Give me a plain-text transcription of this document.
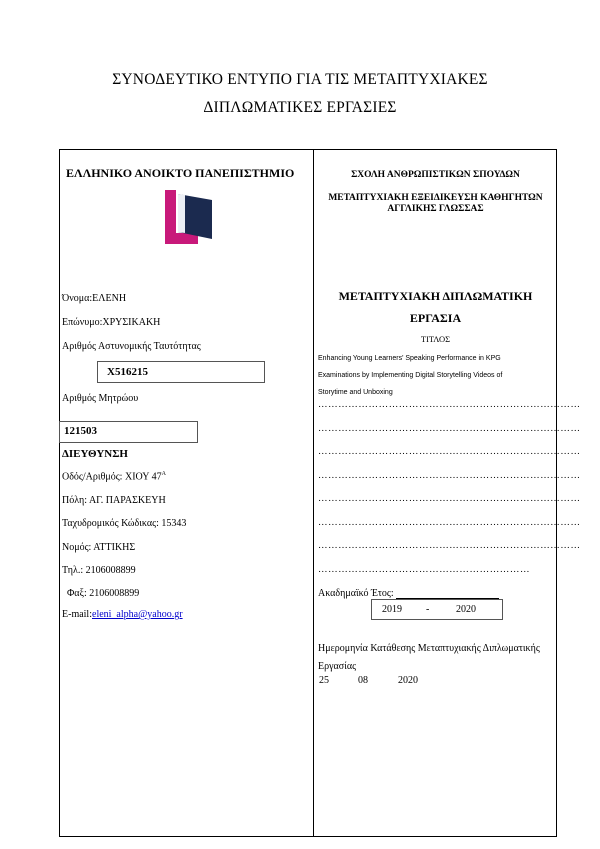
ΣΥΝΟΔΕΥΤΙΚΟ ΕΝΤΥΠΟ ΓΙΑ ΤΙΣ ΜΕΤΑΠΤΥΧΙΑΚΕΣ
ΔΙΠΛΩΜΑΤΙΚΕΣ ΕΡΓΑΣΙΕΣ
ΕΛΛΗΝΙΚΟ ΑΝΟΙΚΤΟ ΠΑΝΕΠΙΣΤΗΜΙΟ
Όνομα:ΕΛΕΝΗ
Επώνυμο:ΧΡΥΣΙΚΑΚΗ
Αριθμός Αστυνομικής Ταυτότητας
Χ516215
Αριθμός Μητρώου
121503
ΔΙΕΥΘΥΝΣΗ
Οδός/Αριθμός: ΧΙΟΥ $47^A$
Πόλη: ΑΓ. ΠΑΡΑΣΚΕΥΗ
Ταχυδρομικός Κώδικας: 15343
Νομός: ΑΤΤΙΚΗΣ
Τηλ.: 2106008899
Φαξ: 2106008899
E-mail:eleni_alpha@yahoo.gr
ΣΧΟΛΗ ΑΝΘΡΩΠΙΣΤΙΚΩΝ ΣΠΟΥΔΩΝ
ΜΕΤΑΠΤΥΧΙΑΚΗ ΕΞΕΙΔΙΚΕΥΣΗ ΚΑΘΗΓΗΤΩΝ
ΑΓΓΛΙΚΗΣ ΓΛΩΣΣΑΣ
ΜΕΤΑΠΤΥΧΙΑΚΗ ΔΙΠΛΩΜΑΤΙΚΗ
ΕΡΓΑΣΙΑ
ΤΙΤΛΟΣ
Enhancing Young Learners' Speaking Performance in KPG
Examinations by Implementing Digital Storytelling Videos of
Storytime and Unboxing
……………………………………………………………………
……………………………………………………………………
……………………………………………………………………
……………………………………………………………………
……………………………………………………………………
……………………………………………………………………
……………………………………………………………………
………………………………………………………
Ακαδημαϊκό Έτος:
2019 -	2020
Ημερομηνία Κατάθεσης Μεταπτυχιακής Διπλωματικής
Εργασίας
25	08	2020
